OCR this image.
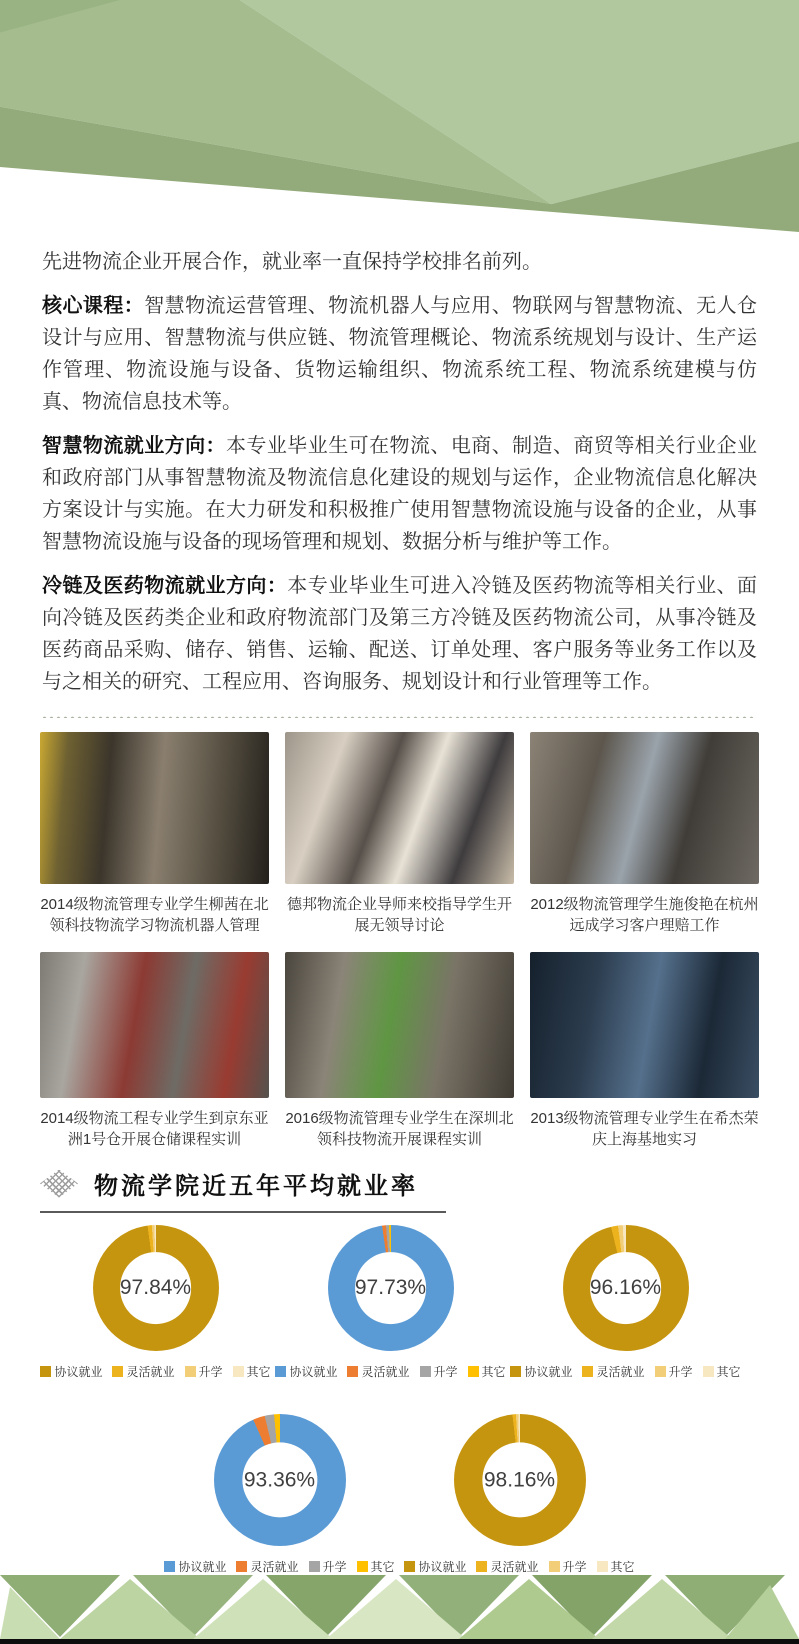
先进物流企业开展合作，就业率一直保持学校排名前列。

核心课程：智慧物流运营管理、物流机器人与应用、物联网与智慧物流、无人仓设计与应用、智慧物流与供应链、物流管理概论、物流系统规划与设计、生产运作管理、物流设施与设备、货物运输组织、物流系统工程、物流系统建模与仿真、物流信息技术等。

智慧物流就业方向：本专业毕业生可在物流、电商、制造、商贸等相关行业企业和政府部门从事智慧物流及物流信息化建设的规划与运作，企业物流信息化解决方案设计与实施。在大力研发和积极推广使用智慧物流设施与设备的企业，从事智慧物流设施与设备的现场管理和规划、数据分析与维护等工作。

冷链及医药物流就业方向：本专业毕业生可进入冷链及医药物流等相关行业、面向冷链及医药类企业和政府物流部门及第三方冷链及医药物流公司，从事冷链及医药商品采购、储存、销售、运输、配送、订单处理、客户服务等业务工作以及与之相关的研究、工程应用、咨询服务、规划设计和行业管理等工作。

2014级物流管理专业学生柳茜在北领科技物流学习物流机器人管理
德邦物流企业导师来校指导学生开展无领导讨论
2012级物流管理学生施俊艳在杭州远成学习客户理赔工作
2014级物流工程专业学生到京东亚洲1号仓开展仓储课程实训
2016级物流管理专业学生在深圳北领科技物流开展课程实训
2013级物流管理专业学生在希杰荣庆上海基地实习
物流学院近五年平均就业率
97.84%
协议就业 灵活就业 升学 其它
97.73%
协议就业 灵活就业 升学 其它
96.16%
协议就业 灵活就业 升学 其它
93.36%
协议就业 灵活就业 升学 其它
98.16%
协议就业 灵活就业 升学 其它
